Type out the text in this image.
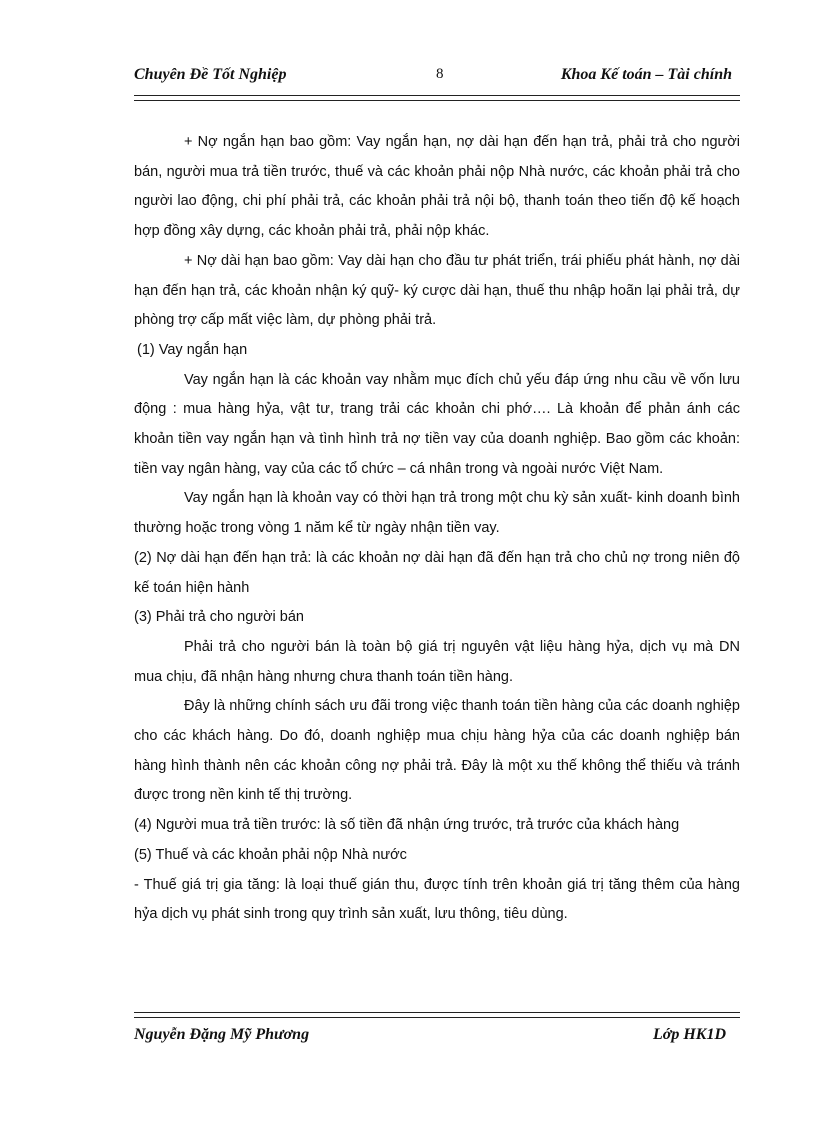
Chuyên Đề Tốt Nghiệp	8	Khoa Kế toán – Tài chính

+ Nợ ngắn hạn bao gồm: Vay ngắn hạn, nợ dài hạn đến hạn trả, phải trả cho người bán, người mua trả tiền trước, thuế và các khoản phải nộp Nhà nước, các khoản phải trả cho người lao động, chi phí phải trả, các khoản phải trả nội bộ, thanh toán theo tiến độ kế hoạch hợp đồng xây dựng, các khoản phải trả, phải nộp khác.

+ Nợ dài hạn bao gồm: Vay dài hạn cho đầu tư phát triển, trái phiếu phát hành, nợ dài hạn đến hạn trả, các khoản nhận ký quỹ- ký cược dài hạn, thuế thu nhập hoãn lại phải trả, dự phòng trợ cấp mất việc làm, dự phòng phải trả.

(1) Vay ngắn hạn

Vay ngắn hạn là các khoản vay nhằm mục đích chủ yếu đáp ứng nhu cầu về vốn lưu động : mua hàng hỷa, vật tư, trang trải các khoản chi phớ…. Là khoản để phản ánh các khoản tiền vay ngắn hạn và tình hình trả nợ tiền vay của doanh nghiệp. Bao gồm các khoản: tiền vay ngân hàng, vay của các tổ chức – cá nhân trong và ngoài nước Việt Nam.

Vay ngắn hạn là khoản vay có thời hạn trả trong một chu kỳ sản xuất- kinh doanh bình thường hoặc trong vòng 1 năm kể từ ngày nhận tiền vay.

(2) Nợ dài hạn đến hạn trả: là các khoản nợ dài hạn đã đến hạn trả cho chủ nợ trong niên độ kế toán hiện hành

(3) Phải trả cho người bán

Phải trả cho người bán là toàn bộ giá trị nguyên vật liệu hàng hỷa, dịch vụ mà DN mua chịu, đã nhận hàng nhưng chưa thanh toán tiền hàng.

Đây là những chính sách ưu đãi trong việc thanh toán tiền hàng của các doanh nghiệp cho các khách hàng. Do đó, doanh nghiệp mua chịu hàng hỷa của các doanh nghiệp bán hàng hình thành nên các khoản công nợ phải trả. Đây là một xu thế không thể thiếu và tránh được trong nền kinh tế thị trường.

(4) Người mua trả tiền trước: là số tiền đã nhận ứng trước, trả trước của khách hàng

(5) Thuế và các khoản phải nộp Nhà nước

- Thuế giá trị gia tăng: là loại thuế gián thu, được tính trên khoản giá trị tăng thêm của hàng hỷa dịch vụ phát sinh trong quy trình sản xuất, lưu thông, tiêu dùng.

Nguyễn Đặng Mỹ Phương	Lớp HK1D
